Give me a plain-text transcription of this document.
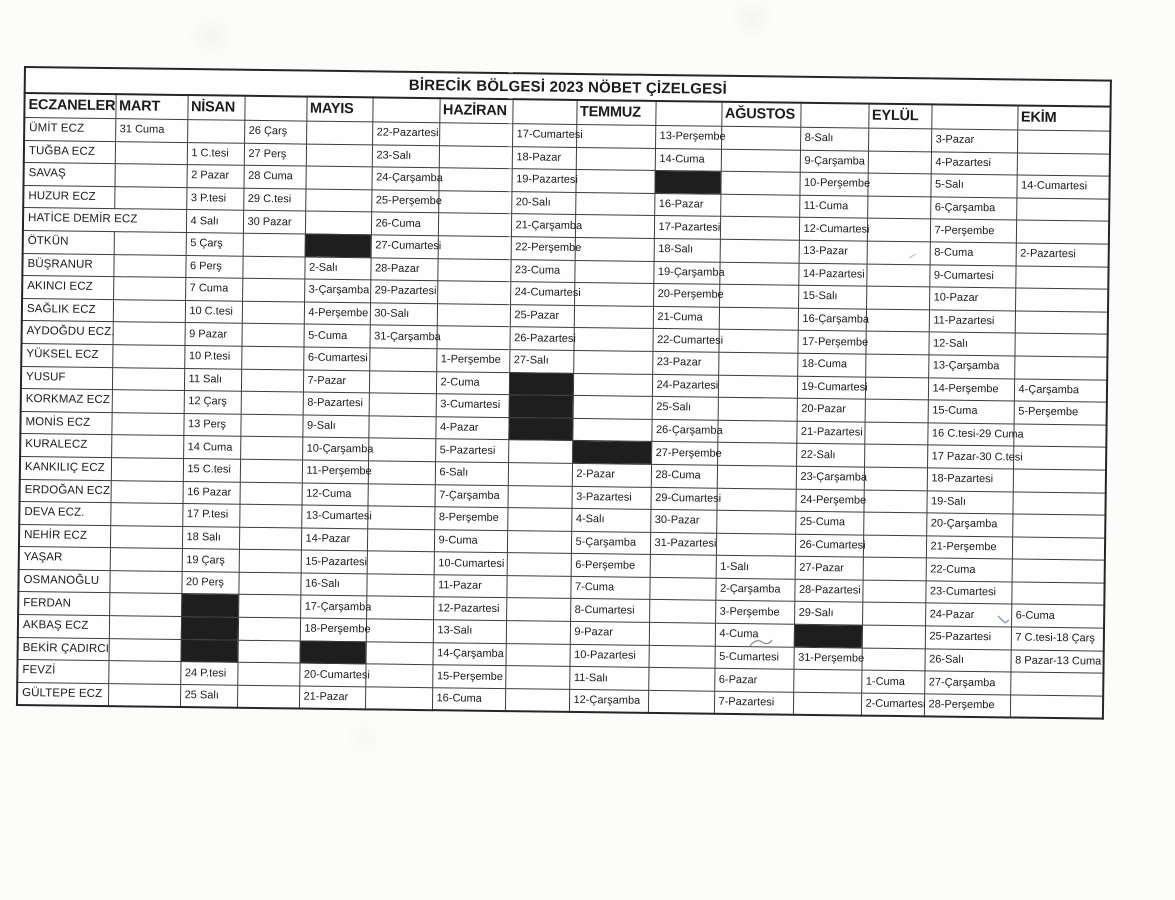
BİRECİK BÖLGESİ 2023 NÖBET ÇİZELGESİ														
ECZANELER	MART	NİSAN		MAYIS		HAZİRAN		TEMMUZ		AĞUSTOS		EYLÜL		EKİM
ÜMİT ECZ	31 Cuma		26 Çarş		22-Pazartesi		17-Cumartesi		13-Perşembe		8-Salı		3-Pazar	
TUĞBA ECZ		1 C.tesi	27 Perş		23-Salı		18-Pazar		14-Cuma		9-Çarşamba		4-Pazartesi	
SAVAŞ		2 Pazar	28 Cuma		24-Çarşamba		19-Pazartesi				10-Perşembe		5-Salı	14-Cumartesi
HUZUR ECZ		3 P.tesi	29 C.tesi		25-Perşembe		20-Salı		16-Pazar		11-Cuma		6-Çarşamba	
HATİCE DEMİR ECZ		4 Salı	30 Pazar		26-Cuma		21-Çarşamba		17-Pazartesi		12-Cumartesi		7-Perşembe	
ÖTKÜN		5 Çarş			27-Cumartesi		22-Perşembe		18-Salı		13-Pazar		8-Cuma	2-Pazartesi
BÜŞRANUR		6 Perş		2-Salı	28-Pazar		23-Cuma		19-Çarşamba		14-Pazartesi		9-Cumartesi	
AKINCI ECZ		7 Cuma		3-Çarşamba	29-Pazartesi		24-Cumartesi		20-Perşembe		15-Salı		10-Pazar	
SAĞLIK ECZ		10 C.tesi		4-Perşembe	30-Salı		25-Pazar		21-Cuma		16-Çarşamba		11-Pazartesi	
AYDOĞDU ECZ.		9 Pazar		5-Cuma	31-Çarşamba		26-Pazartesi		22-Cumartesi		17-Perşembe		12-Salı	
YÜKSEL ECZ		10 P.tesi		6-Cumartesi		1-Perşembe	27-Salı		23-Pazar		18-Cuma		13-Çarşamba	
YUSUF		11 Salı		7-Pazar		2-Cuma			24-Pazartesi		19-Cumartesi		14-Perşembe	4-Çarşamba
KORKMAZ ECZ		12 Çarş		8-Pazartesi		3-Cumartesi			25-Salı		20-Pazar		15-Cuma	5-Perşembe
MONİS ECZ		13 Perş		9-Salı		4-Pazar			26-Çarşamba		21-Pazartesi		16 C.tesi-29 Cuma	
KURALECZ		14 Cuma		10-Çarşamba		5-Pazartesi			27-Perşembe		22-Salı		17 Pazar-30 C.tesi	
KANKILIÇ ECZ		15 C.tesi		11-Perşembe		6-Salı		2-Pazar	28-Cuma		23-Çarşamba		18-Pazartesi	
ERDOĞAN ECZ		16 Pazar		12-Cuma		7-Çarşamba		3-Pazartesi	29-Cumartesi		24-Perşembe		19-Salı	
DEVA ECZ.		17 P.tesi		13-Cumartesi		8-Perşembe		4-Salı	30-Pazar		25-Cuma		20-Çarşamba	
NEHİR ECZ		18 Salı		14-Pazar		9-Cuma		5-Çarşamba	31-Pazartesi		26-Cumartesi		21-Perşembe	
YAŞAR		19 Çarş		15-Pazartesi		10-Cumartesi		6-Perşembe		1-Salı	27-Pazar		22-Cuma	
OSMANOĞLU		20 Perş		16-Salı		11-Pazar		7-Cuma		2-Çarşamba	28-Pazartesi		23-Cumartesi	
FERDAN				17-Çarşamba		12-Pazartesi		8-Cumartesi		3-Perşembe	29-Salı		24-Pazar	6-Cuma
AKBAŞ ECZ				18-Perşembe		13-Salı		9-Pazar		4-Cuma			25-Pazartesi	7 C.tesi-18 Çarş
BEKİR ÇADIRCI						14-Çarşamba		10-Pazartesi		5-Cumartesi	31-Perşembe		26-Salı	8 Pazar-13 Cuma
FEVZİ		24 P.tesi		20-Cumartesi		15-Perşembe		11-Salı		6-Pazar		1-Cuma	27-Çarşamba	
GÜLTEPE ECZ		25 Salı		21-Pazar		16-Cuma		12-Çarşamba		7-Pazartesi		2-Cumartesi	28-Perşembe	
